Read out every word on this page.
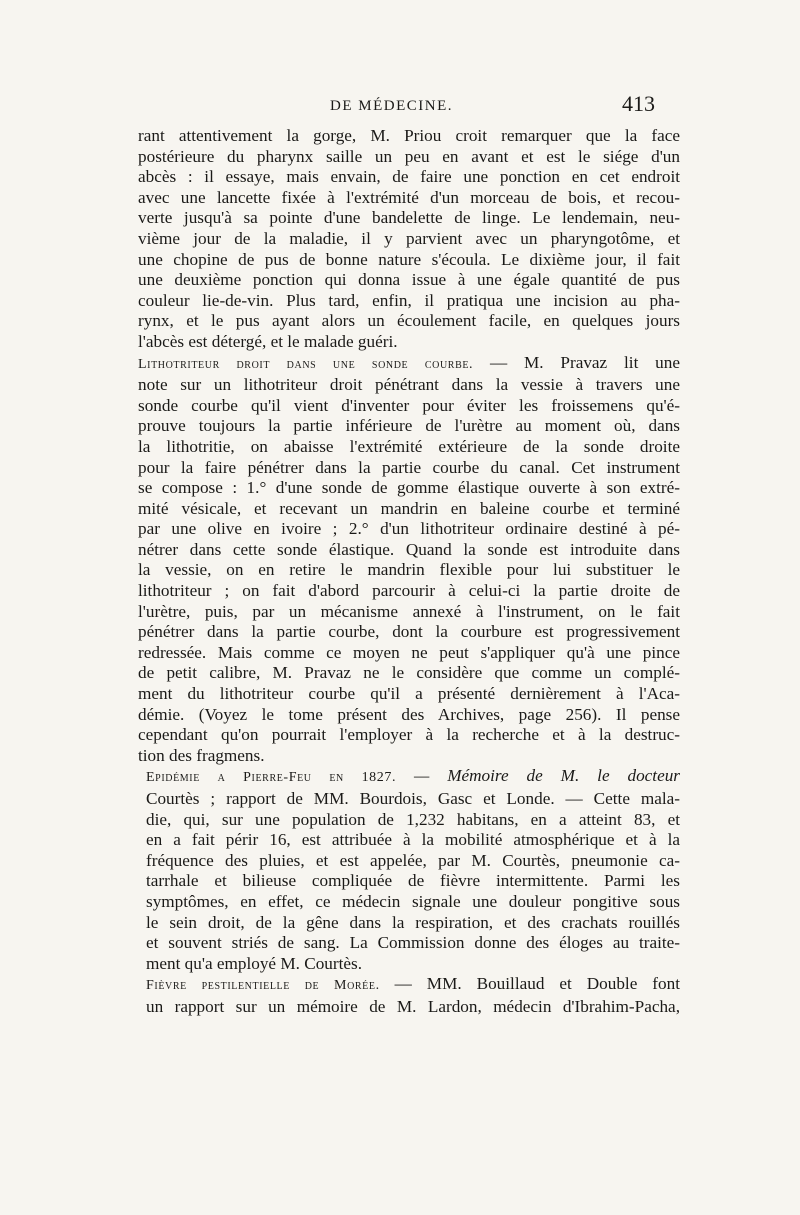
DE MÉDECINE.	413
rant attentivement la gorge, M. Priou croit remarquer que la face
postérieure du pharynx saille un peu en avant et est le siége d'un
abcès : il essaye, mais envain, de faire une ponction en cet endroit
avec une lancette fixée à l'extrémité d'un morceau de bois, et recou-
verte jusqu'à sa pointe d'une bandelette de linge. Le lendemain, neu-
vième jour de la maladie, il y parvient avec un pharyngotôme, et
une chopine de pus de bonne nature s'écoula. Le dixième jour, il fait
une deuxième ponction qui donna issue à une égale quantité de pus
couleur lie-de-vin. Plus tard, enfin, il pratiqua une incision au pha-
rynx, et le pus ayant alors un écoulement facile, en quelques jours
l'abcès est détergé, et le malade guéri.
Lithotriteur droit dans une sonde courbe. — M. Pravaz lit une
note sur un lithotriteur droit pénétrant dans la vessie à travers une
sonde courbe qu'il vient d'inventer pour éviter les froissemens qu'é-
prouve toujours la partie inférieure de l'urètre au moment où, dans
la lithotritie, on abaisse l'extrémité extérieure de la sonde droite
pour la faire pénétrer dans la partie courbe du canal. Cet instrument
se compose : 1.° d'une sonde de gomme élastique ouverte à son extré-
mité vésicale, et recevant un mandrin en baleine courbe et terminé
par une olive en ivoire ; 2.° d'un lithotriteur ordinaire destiné à pé-
nétrer dans cette sonde élastique. Quand la sonde est introduite dans
la vessie, on en retire le mandrin flexible pour lui substituer le
lithotriteur ; on fait d'abord parcourir à celui-ci la partie droite de
l'urètre, puis, par un mécanisme annexé à l'instrument, on le fait
pénétrer dans la partie courbe, dont la courbure est progressivement
redressée. Mais comme ce moyen ne peut s'appliquer qu'à une pince
de petit calibre, M. Pravaz ne le considère que comme un complé-
ment du lithotriteur courbe qu'il a présenté dernièrement à l'Aca-
démie. (Voyez le tome présent des Archives, page 256). Il pense
cependant qu'on pourrait l'employer à la recherche et à la destruc-
tion des fragmens.
Epidémie a Pierre-Feu en 1827. — Mémoire de M. le docteur
Courtès ; rapport de MM. Bourdois, Gasc et Londe. — Cette mala-
die, qui, sur une population de 1,232 habitans, en a atteint 83, et
en a fait périr 16, est attribuée à la mobilité atmosphérique et à la
fréquence des pluies, et est appelée, par M. Courtès, pneumonie ca-
tarrhale et bilieuse compliquée de fièvre intermittente. Parmi les
symptômes, en effet, ce médecin signale une douleur pongitive sous
le sein droit, de la gêne dans la respiration, et des crachats rouillés
et souvent striés de sang. La Commission donne des éloges au traite-
ment qu'a employé M. Courtès.
Fièvre pestilentielle de Morée. — MM. Bouillaud et Double font
un rapport sur un mémoire de M. Lardon, médecin d'Ibrahim-Pacha,
